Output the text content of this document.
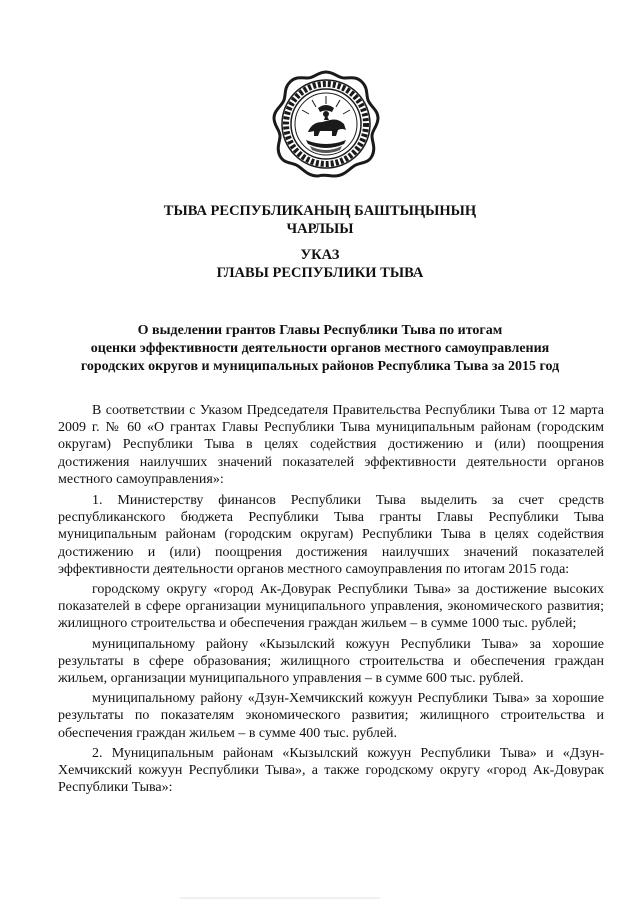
ТЫВА РЕСПУБЛИКАНЫҢ БАШТЫҢЫНЫҢ
ЧАРЛЫЫ
УКАЗ
ГЛАВЫ РЕСПУБЛИКИ ТЫВА
О выделении грантов Главы Республики Тыва по итогам
оценки эффективности деятельности органов местного самоуправления
городских округов и муниципальных районов Республика Тыва за 2015 год

В соответствии с Указом Председателя Правительства Республики Тыва от 12 марта 2009 г. № 60 «О грантах Главы Республики Тыва муниципальным районам (городским округам) Республики Тыва в целях содействия достижению и (или) поощрения достижения наилучших значений показателей эффективности деятельности органов местного самоуправления»:

1. Министерству финансов Республики Тыва выделить за счет средств республиканского бюджета Республики Тыва гранты Главы Республики Тыва муниципальным районам (городским округам) Республики Тыва в целях содействия достижению и (или) поощрения достижения наилучших значений показателей эффективности деятельности органов местного самоуправления по итогам 2015 года:

городскому округу «город Ак-Довурак Республики Тыва» за достижение высоких показателей в сфере организации муниципального управления, экономического развития; жилищного строительства и обеспечения граждан жильем – в сумме 1000 тыс. рублей;

муниципальному району «Кызылский кожуун Республики Тыва» за хорошие результаты в сфере образования; жилищного строительства и обеспечения граждан жильем, организации муниципального управления – в сумме 600 тыс. рублей.

муниципальному району «Дзун-Хемчикский кожуун Республики Тыва» за хорошие результаты по показателям экономического развития; жилищного строительства и обеспечения граждан жильем – в сумме 400 тыс. рублей.

2. Муниципальным районам «Кызылский кожуун Республики Тыва» и «Дзун-Хемчикский кожуун Республики Тыва», а также городскому округу «город Ак-Довурак Республики Тыва»:
